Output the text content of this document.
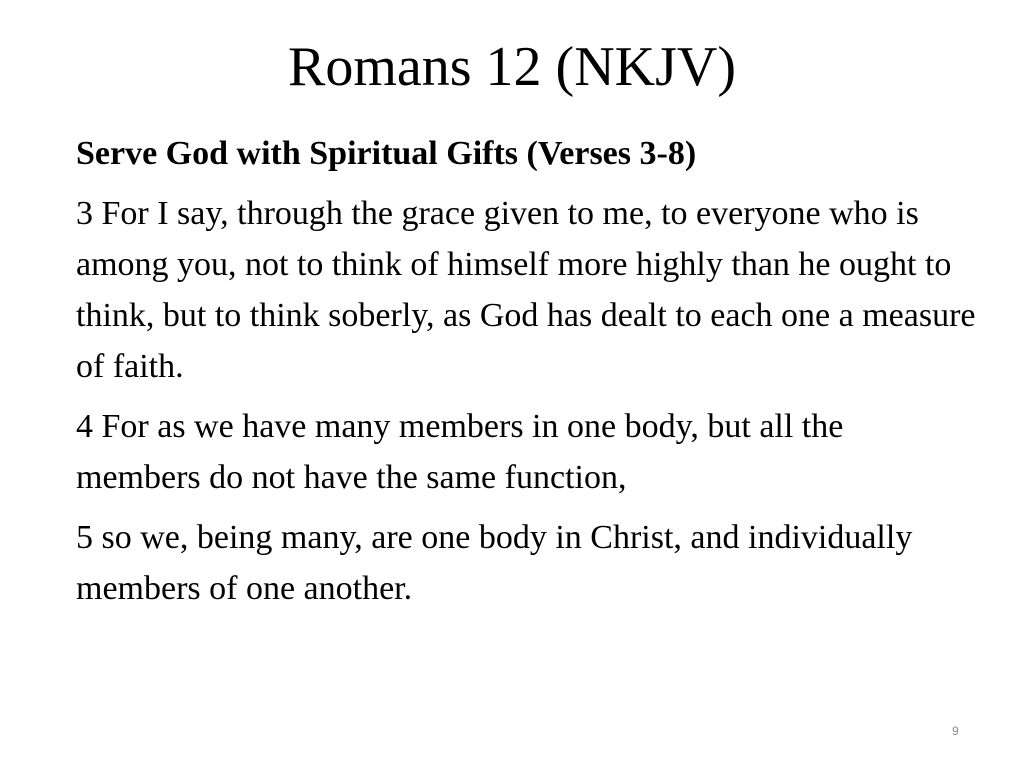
Romans 12 (NKJV)

Serve God with Spiritual Gifts (Verses 3-8)

3 For I say, through the grace given to me, to everyone who is among you, not to think of himself more highly than he ought to think, but to think soberly, as God has dealt to each one a measure of faith.

4 For as we have many members in one body, but all the members do not have the same function,

5 so we, being many, are one body in Christ, and individually members of one another.

9
